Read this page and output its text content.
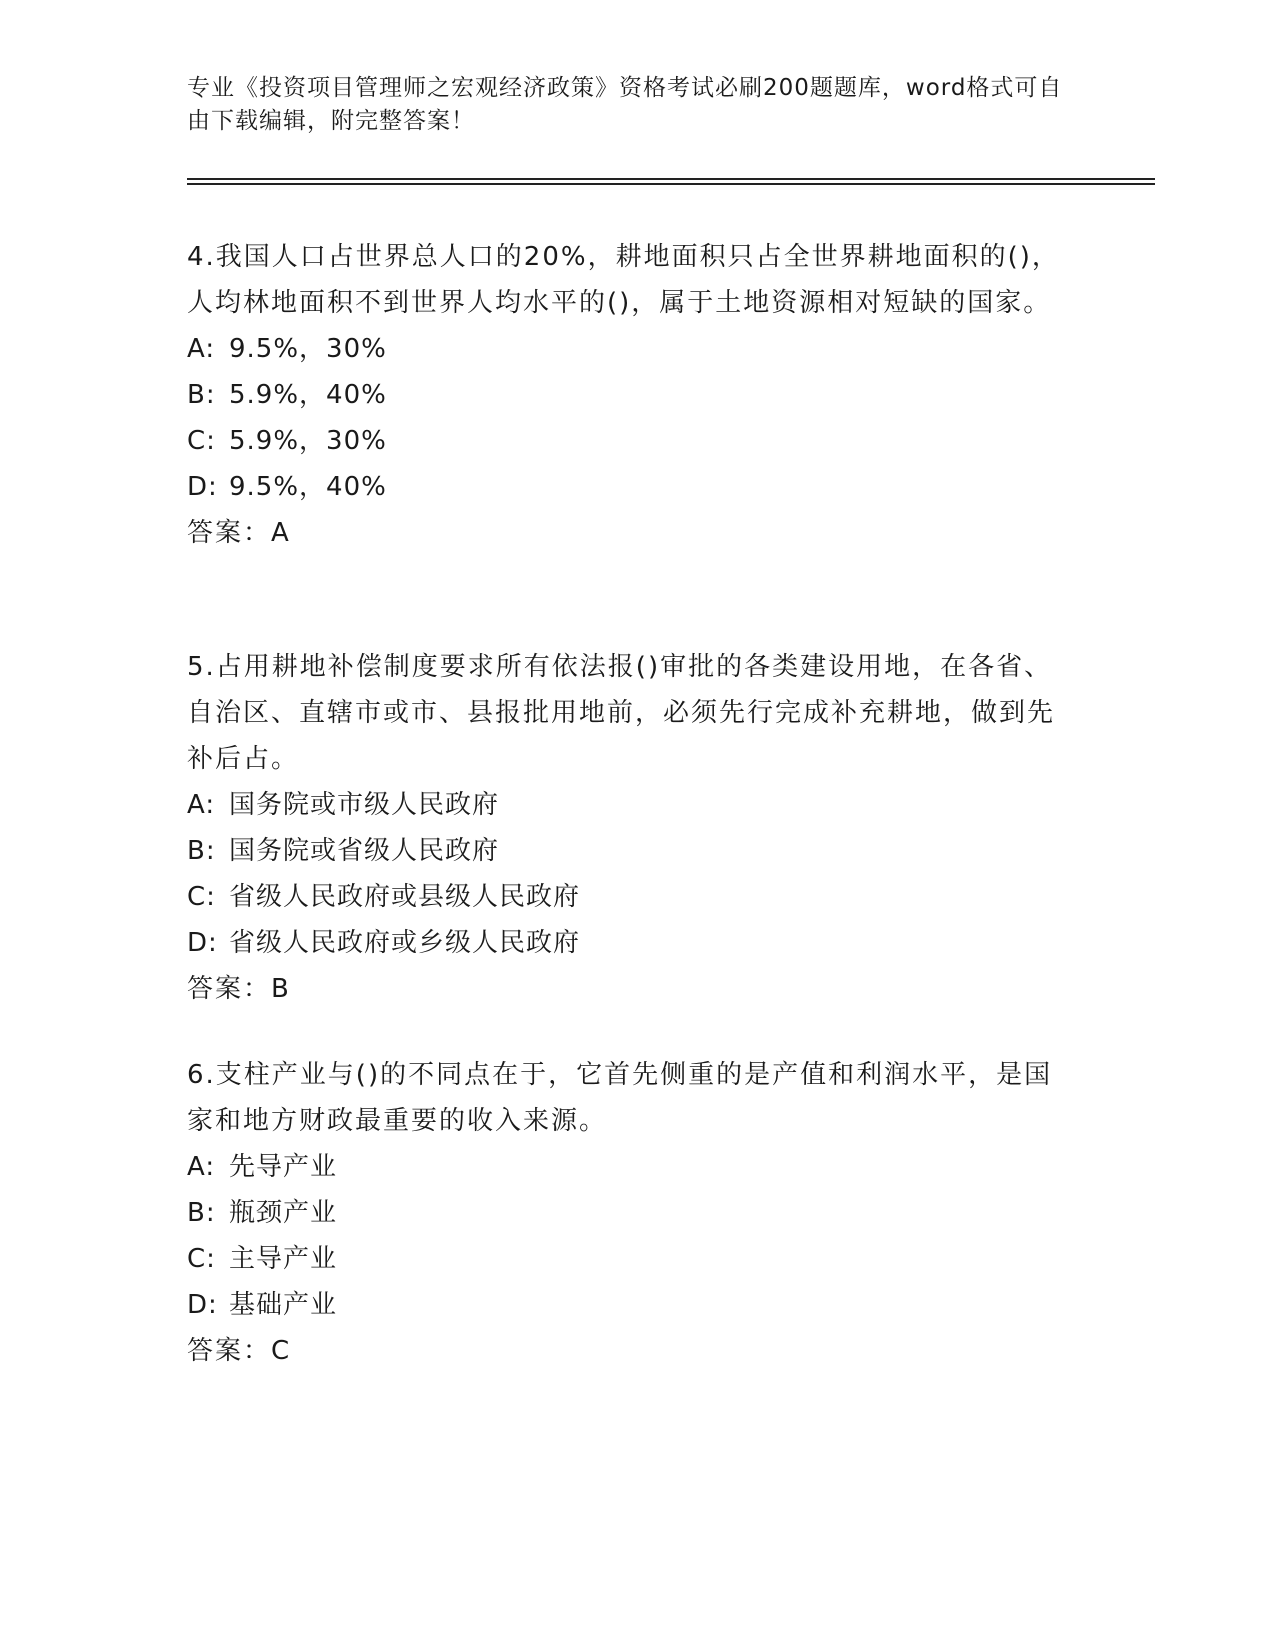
专业《投资项目管理师之宏观经济政策》资格考试必刷200题题库，word格式可自由下载编辑，附完整答案！

4.我国人口占世界总人口的20%，耕地面积只占全世界耕地面积的()，人均林地面积不到世界人均水平的()，属于土地资源相对短缺的国家。

A: 9.5%，30%

B: 5.9%，40%

C: 5.9%，30%

D: 9.5%，40%

答案：A

5.占用耕地补偿制度要求所有依法报()审批的各类建设用地，在各省、自治区、直辖市或市、县报批用地前，必须先行完成补充耕地，做到先补后占。

A: 国务院或市级人民政府

B: 国务院或省级人民政府

C: 省级人民政府或县级人民政府

D: 省级人民政府或乡级人民政府

答案：B

6.支柱产业与()的不同点在于，它首先侧重的是产值和利润水平，是国家和地方财政最重要的收入来源。

A: 先导产业

B: 瓶颈产业

C: 主导产业

D: 基础产业

答案：C
